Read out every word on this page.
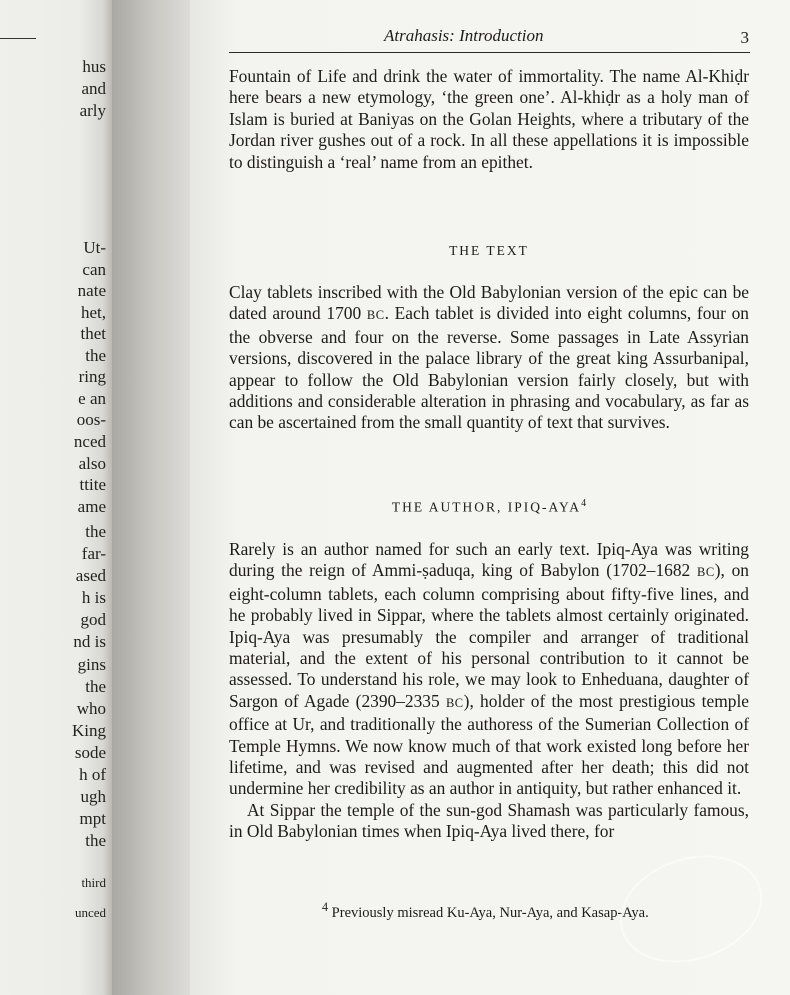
hus
and
arly
Ut-
can
nate
het,
thet
the
ring
e an
oos-
nced
also
ttite
ame
the
far-
ased
h is
god
nd is
gins
the
who
King
sode
h of
ugh
mpt
the
third
unced
Atrahasis: Introduction	3

Fountain of Life and drink the water of immortality. The name Al-Khiḍr here bears a new etymology, ‘the green one’. Al-khiḍr as a holy man of Islam is buried at Baniyas on the Golan Heights, where a tributary of the Jordan river gushes out of a rock. In all these appellations it is impossible to distinguish a ‘real’ name from an epithet.

THE TEXT

Clay tablets inscribed with the Old Babylonian version of the epic can be dated around 1700 BC. Each tablet is divided into eight columns, four on the obverse and four on the reverse. Some passages in Late Assyrian versions, discovered in the palace library of the great king Assurbanipal, appear to follow the Old Babylonian version fairly closely, but with additions and considerable alteration in phrasing and vocabulary, as far as can be ascertained from the small quantity of text that survives.

THE AUTHOR, IPIQ-AYA$^4$

Rarely is an author named for such an early text. Ipiq-Aya was writing during the reign of Ammi-ṣaduqa, king of Babylon (1702–1682 BC), on eight-column tablets, each column comprising about fifty-five lines, and he probably lived in Sippar, where the tablets almost certainly originated. Ipiq-Aya was presumably the compiler and arranger of traditional material, and the extent of his personal contribution to it cannot be assessed. To understand his role, we may look to Enheduana, daughter of Sargon of Agade (2390–2335 BC), holder of the most prestigious temple office at Ur, and traditionally the authoress of the Sumerian Collection of Temple Hymns. We now know much of that work existed long before her lifetime, and was revised and augmented after her death; this did not undermine her credibility as an author in antiquity, but rather enhanced it.

At Sippar the temple of the sun-god Shamash was particularly famous, in Old Babylonian times when Ipiq-Aya lived there, for

$^4$ Previously misread Ku-Aya, Nur-Aya, and Kasap-Aya.
